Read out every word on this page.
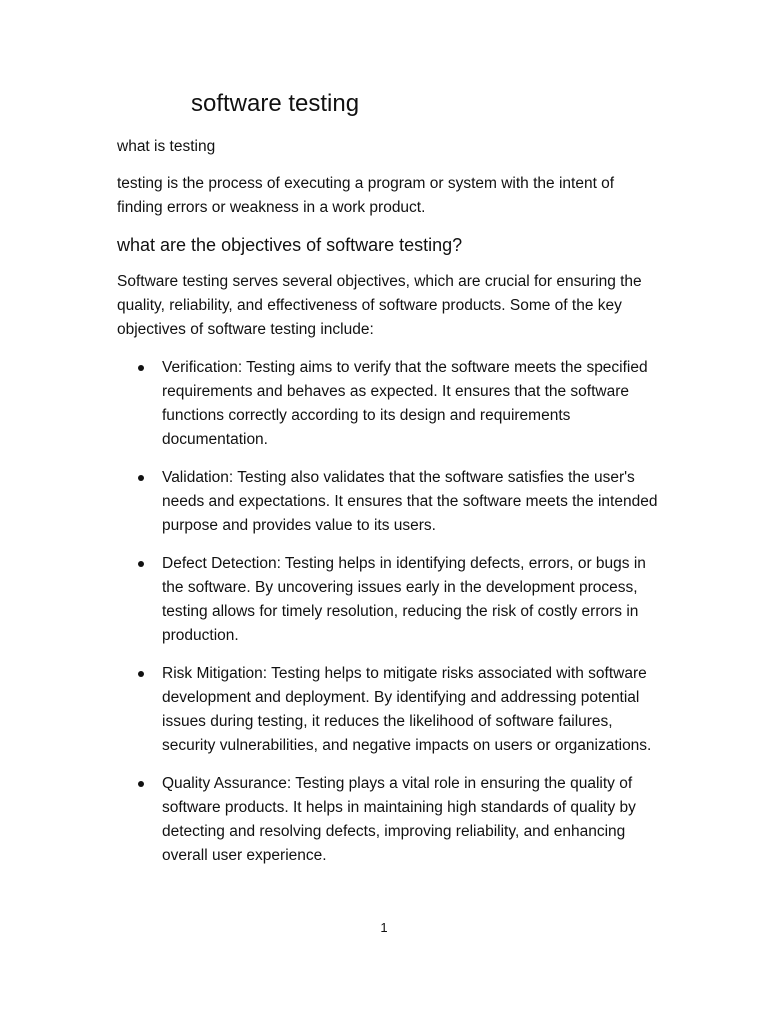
software testing

what is testing

testing is the process of executing a program or system with the intent of finding errors or weakness in a work product.

what are the objectives of software testing?

Software testing serves several objectives, which are crucial for ensuring the quality, reliability, and effectiveness of software products. Some of the key objectives of software testing include:

Verification: Testing aims to verify that the software meets the specified requirements and behaves as expected. It ensures that the software functions correctly according to its design and requirements documentation.
Validation: Testing also validates that the software satisfies the user's needs and expectations. It ensures that the software meets the intended purpose and provides value to its users.
Defect Detection: Testing helps in identifying defects, errors, or bugs in the software. By uncovering issues early in the development process, testing allows for timely resolution, reducing the risk of costly errors in production.
Risk Mitigation: Testing helps to mitigate risks associated with software development and deployment. By identifying and addressing potential issues during testing, it reduces the likelihood of software failures, security vulnerabilities, and negative impacts on users or organizations.
Quality Assurance: Testing plays a vital role in ensuring the quality of software products. It helps in maintaining high standards of quality by detecting and resolving defects, improving reliability, and enhancing overall user experience.

1
